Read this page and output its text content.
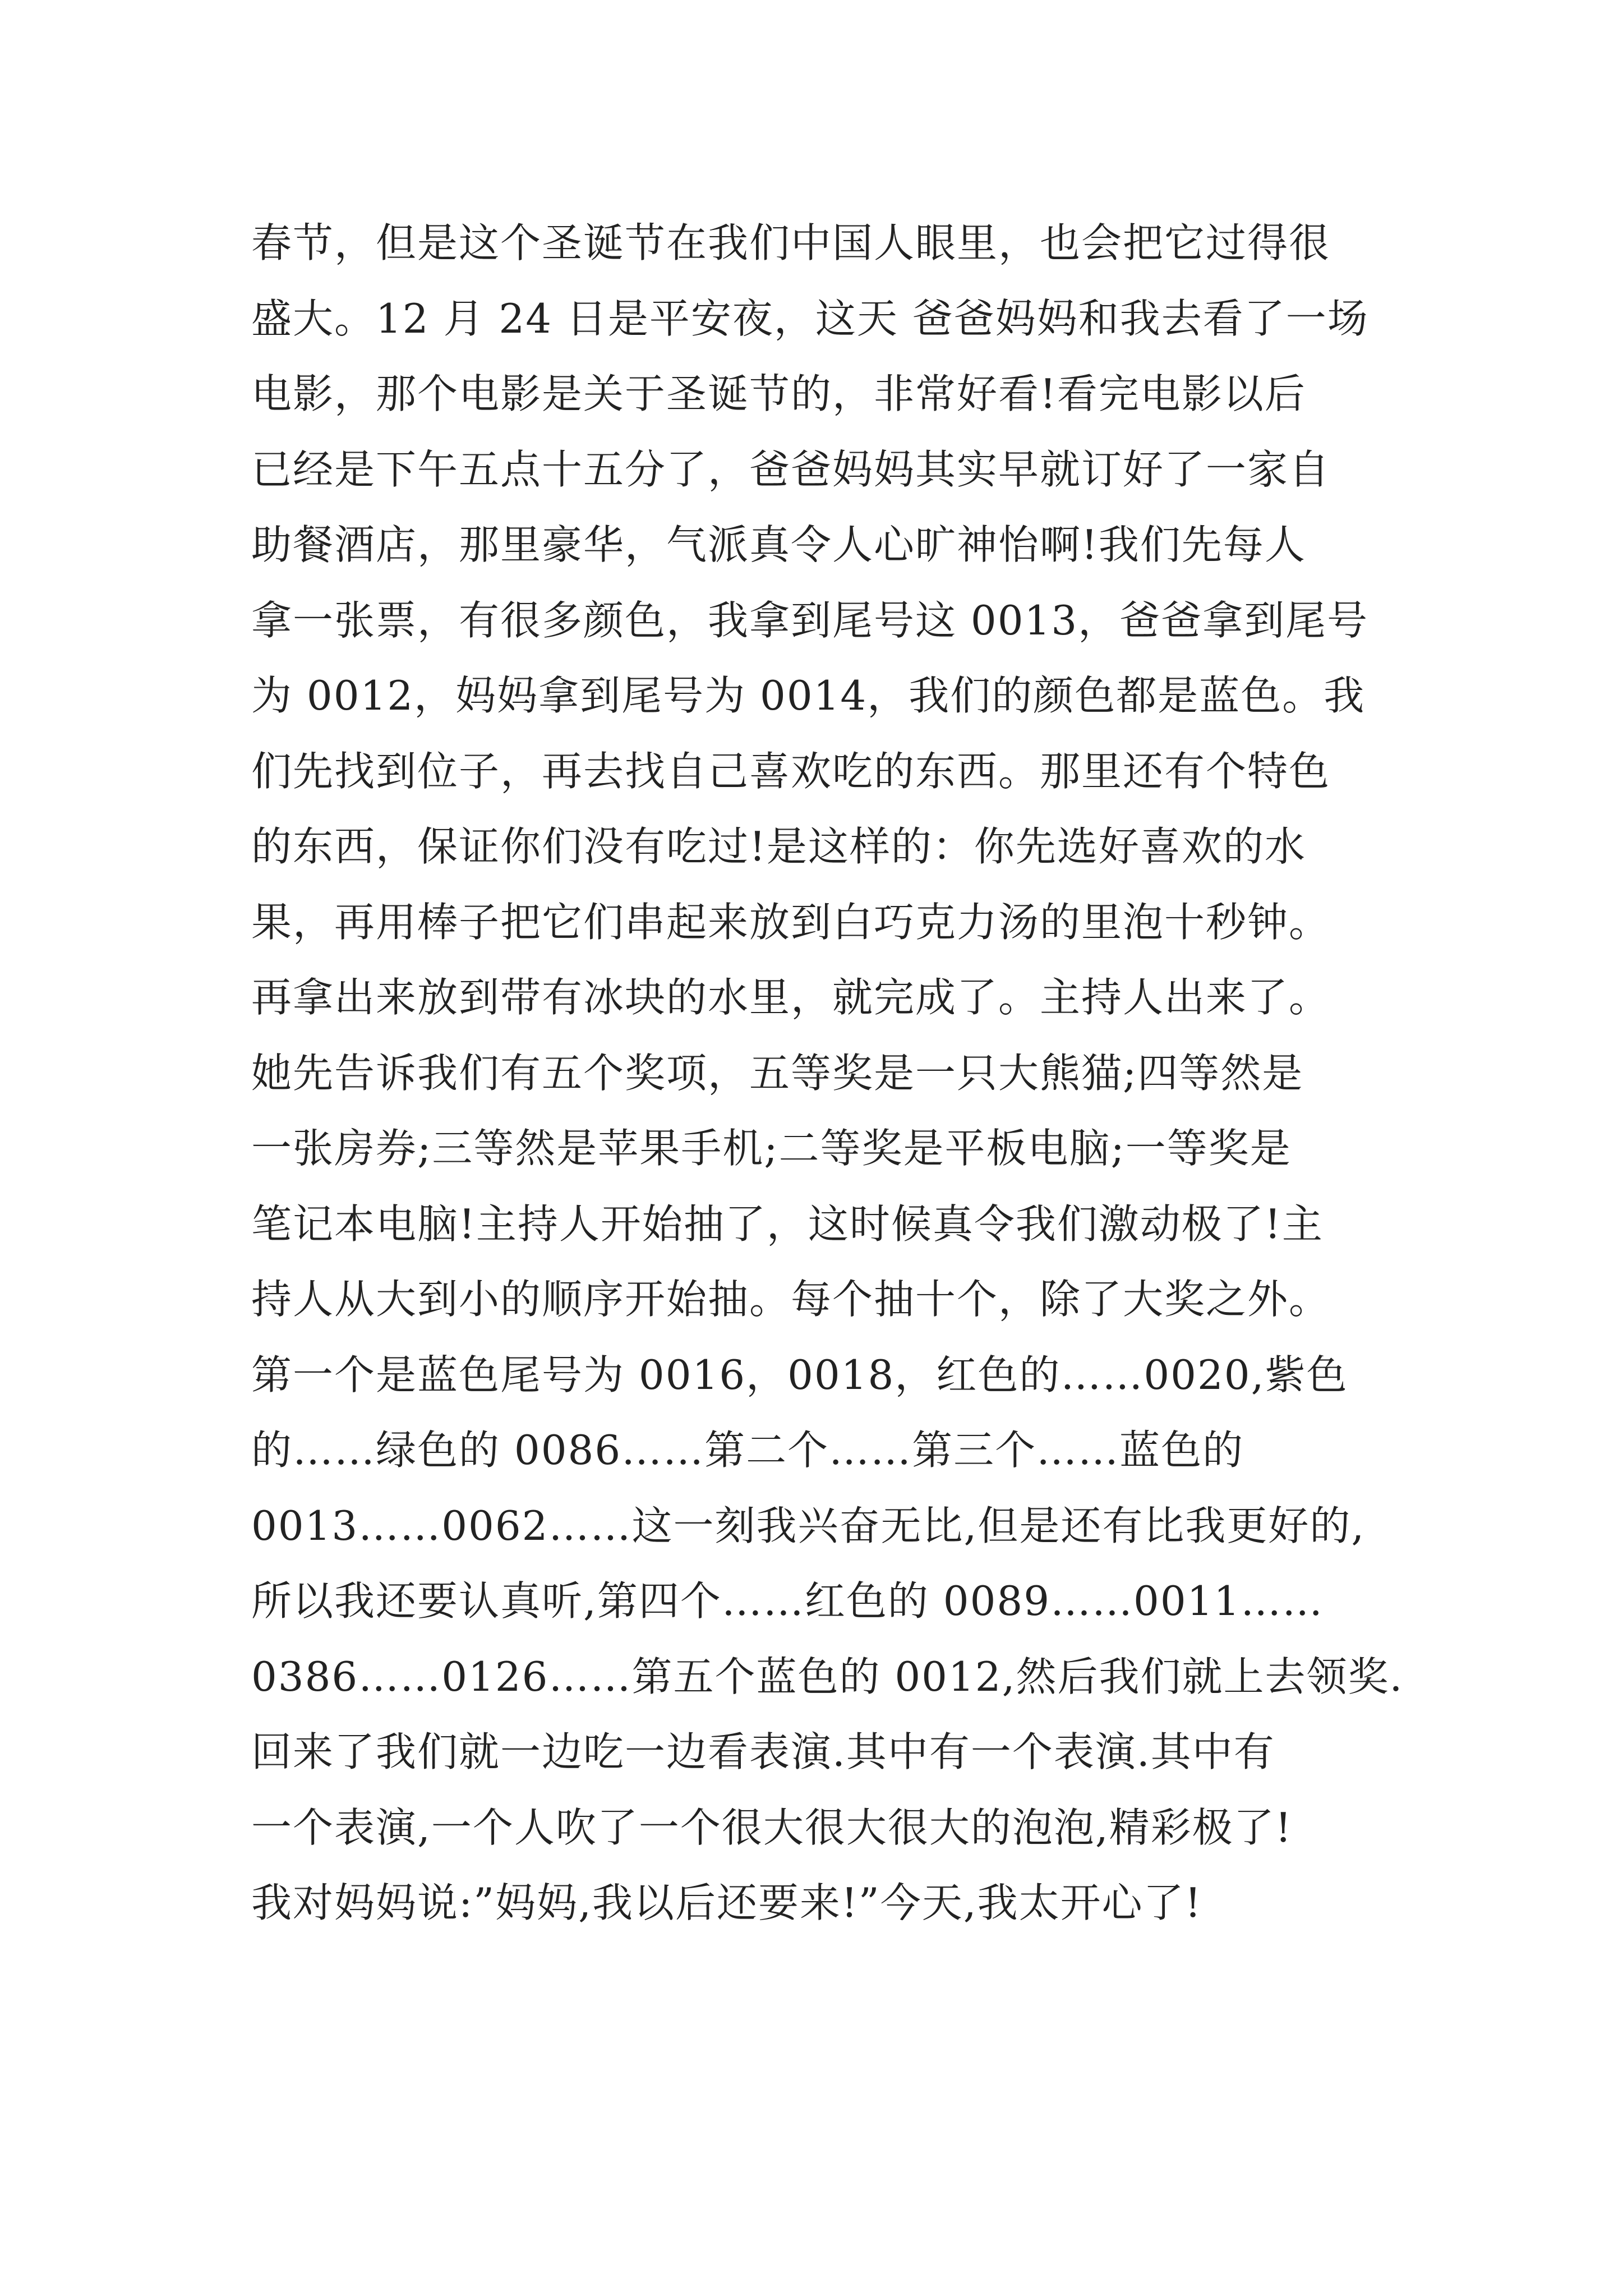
春节，但是这个圣诞节在我们中国人眼里，也会把它过得很
盛大。12 月 24 日是平安夜，这天 爸爸妈妈和我去看了一场
电影，那个电影是关于圣诞节的，非常好看!看完电影以后
已经是下午五点十五分了，爸爸妈妈其实早就订好了一家自
助餐酒店，那里豪华，气派真令人心旷神怡啊!我们先每人
拿一张票，有很多颜色，我拿到尾号这 0013，爸爸拿到尾号
为 0012，妈妈拿到尾号为 0014，我们的颜色都是蓝色。我
们先找到位子，再去找自己喜欢吃的东西。那里还有个特色
的东西，保证你们没有吃过!是这样的：你先选好喜欢的水
果，再用棒子把它们串起来放到白巧克力汤的里泡十秒钟。
再拿出来放到带有冰块的水里，就完成了。主持人出来了。
她先告诉我们有五个奖项，五等奖是一只大熊猫;四等然是
一张房券;三等然是苹果手机;二等奖是平板电脑;一等奖是
笔记本电脑!主持人开始抽了，这时候真令我们激动极了!主
持人从大到小的顺序开始抽。每个抽十个，除了大奖之外。
第一个是蓝色尾号为 0016，0018，红色的……0020,紫色
的……绿色的 0086……第二个……第三个……蓝色的
0013……0062……这一刻我兴奋无比,但是还有比我更好的,
所以我还要认真听,第四个……红色的 0089……0011……
0386……0126……第五个蓝色的 0012,然后我们就上去领奖.
回来了我们就一边吃一边看表演.其中有一个表演.其中有
一个表演,一个人吹了一个很大很大很大的泡泡,精彩极了!
我对妈妈说:”妈妈,我以后还要来!”今天,我太开心了!
